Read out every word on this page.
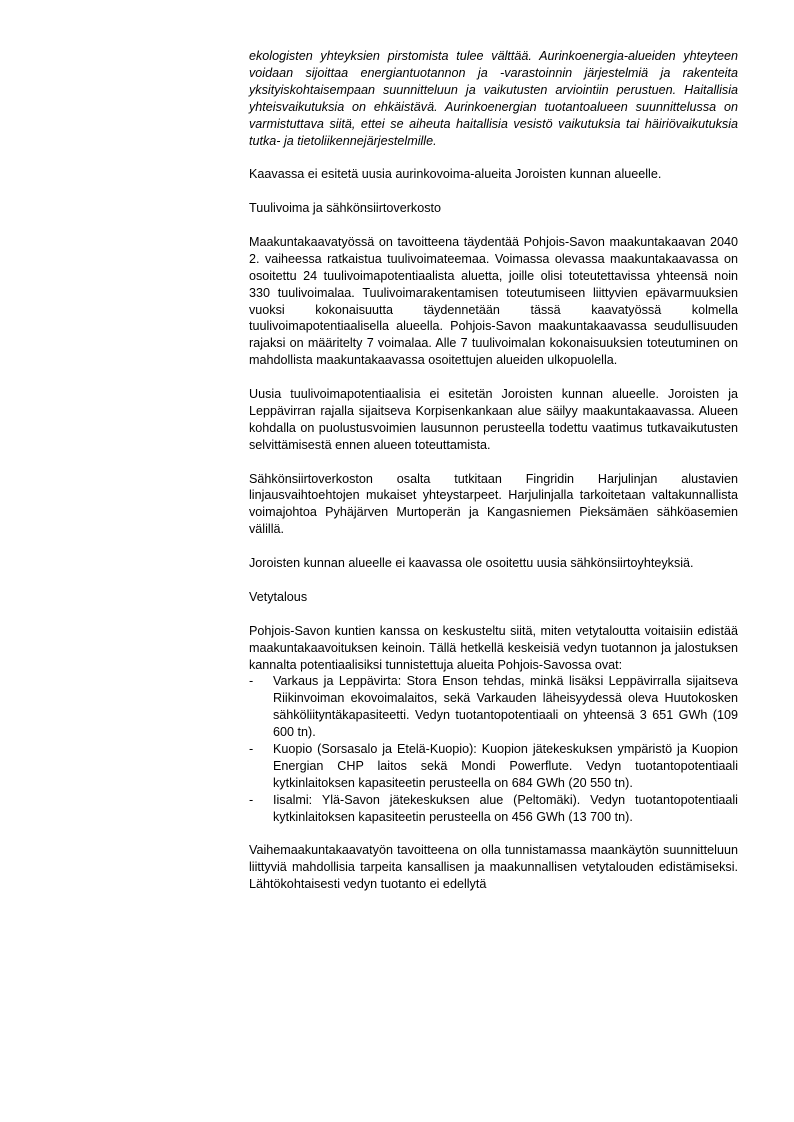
ekologisten yhteyksien pirstomista tulee välttää. Aurinkoenergia-alueiden yhteyteen voidaan sijoittaa energiantuotannon ja -varastoinnin järjestelmiä ja rakenteita yksityiskohtaisempaan suunnitteluun ja vaikutusten arviointiin perustuen. Haitallisia yhteisvaikutuksia on ehkäistävä. Aurinkoenergian tuotantoalueen suunnittelussa on varmistuttava siitä, ettei se aiheuta haitallisia vesistö vaikutuksia tai häiriövaikutuksia tutka- ja tietoliikennejärjestelmille.

Kaavassa ei esitetä uusia aurinkovoima-alueita Joroisten kunnan alueelle.

Tuulivoima ja sähkönsiirtoverkosto

Maakuntakaavatyössä on tavoitteena täydentää Pohjois-Savon maakuntakaavan 2040 2. vaiheessa ratkaistua tuulivoimateemaa. Voimassa olevassa maakuntakaavassa on osoitettu 24 tuulivoimapotentiaalista aluetta, joille olisi toteutettavissa yhteensä noin 330 tuulivoimalaa. Tuulivoimarakentamisen toteutumiseen liittyvien epävarmuuksien vuoksi kokonaisuutta täydennetään tässä kaavatyössä kolmella tuulivoimapotentiaalisella alueella. Pohjois-Savon maakuntakaavassa seudullisuuden rajaksi on määritelty 7 voimalaa. Alle 7 tuulivoimalan kokonaisuuksien toteutuminen on mahdollista maakuntakaavassa osoitettujen alueiden ulkopuolella.

Uusia tuulivoimapotentiaalisia ei esitetän Joroisten kunnan alueelle. Joroisten ja Leppävirran rajalla sijaitseva Korpisenkankaan alue säilyy maakuntakaavassa. Alueen kohdalla on puolustusvoimien lausunnon perusteella todettu vaatimus tutkavaikutusten selvittämisestä ennen alueen toteuttamista.

Sähkönsiirtoverkoston osalta tutkitaan Fingridin Harjulinjan alustavien linjausvaihtoehtojen mukaiset yhteystarpeet. Harjulinjalla tarkoitetaan valtakunnallista voimajohtoa Pyhäjärven Murtoperän ja Kangasniemen Pieksämäen sähköasemien välillä.

Joroisten kunnan alueelle ei kaavassa ole osoitettu uusia sähkönsiirtoyhteyksiä.

Vetytalous

Pohjois-Savon kuntien kanssa on keskusteltu siitä, miten vetytaloutta voitaisiin edistää maakuntakaavoituksen keinoin. Tällä hetkellä keskeisiä vedyn tuotannon ja jalostuksen kannalta potentiaalisiksi tunnistettuja alueita Pohjois-Savossa ovat:

- Varkaus ja Leppävirta: Stora Enson tehdas, minkä lisäksi Leppävirralla sijaitseva Riikinvoiman ekovoimalaitos, sekä Varkauden läheisyydessä oleva Huutokosken sähköliityntäkapasiteetti. Vedyn tuotantopotentiaali on yhteensä 3 651 GWh (109 600 tn).
- Kuopio (Sorsasalo ja Etelä-Kuopio): Kuopion jätekeskuksen ympäristö ja Kuopion Energian CHP laitos sekä Mondi Powerflute. Vedyn tuotantopotentiaali kytkinlaitoksen kapasiteetin perusteella on 684 GWh (20 550 tn).
- Iisalmi: Ylä-Savon jätekeskuksen alue (Peltomäki). Vedyn tuotantopotentiaali kytkinlaitoksen kapasiteetin perusteella on 456 GWh (13 700 tn).

Vaihemaakuntakaavatyön tavoitteena on olla tunnistamassa maankäytön suunnitteluun liittyviä mahdollisia tarpeita kansallisen ja maakunnallisen vetytalouden edistämiseksi. Lähtökohtaisesti vedyn tuotanto ei edellytä
